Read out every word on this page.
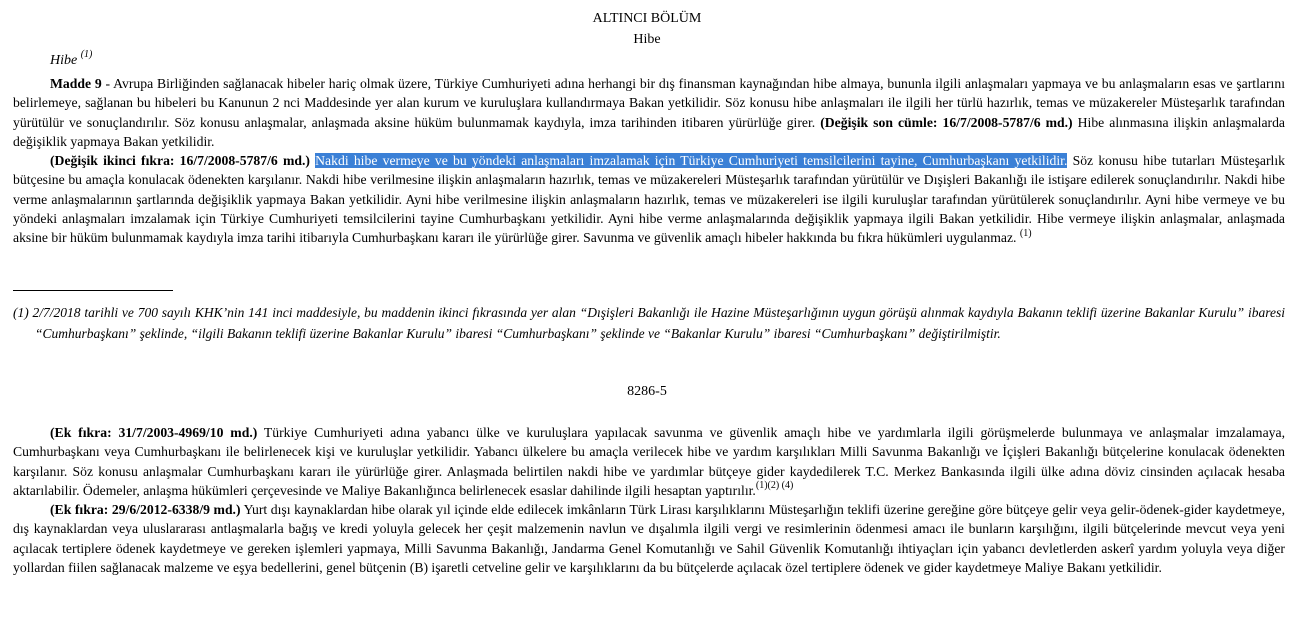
ALTINCI BÖLÜM
Hibe
Hibe $^{(1)}$

Madde 9 - Avrupa Birliğinden sağlanacak hibeler hariç olmak üzere, Türkiye Cumhuriyeti adına herhangi bir dış finansman kaynağından hibe almaya, bununla ilgili anlaşmaları yapmaya ve bu anlaşmaların esas ve şartlarını belirlemeye, sağlanan bu hibeleri bu Kanunun 2 nci Maddesinde yer alan kurum ve kuruluşlara kullandırmaya Bakan yetkilidir. Söz konusu hibe anlaşmaları ile ilgili her türlü hazırlık, temas ve müzakereler Müsteşarlık tarafından yürütülür ve sonuçlandırılır. Söz konusu anlaşmalar, anlaşmada aksine hüküm bulunmamak kaydıyla, imza tarihinden itibaren yürürlüğe girer. (Değişik son cümle: 16/7/2008-5787/6 md.) Hibe alınmasına ilişkin anlaşmalarda değişiklik yapmaya Bakan yetkilidir.

(Değişik ikinci fıkra: 16/7/2008-5787/6 md.) Nakdi hibe vermeye ve bu yöndeki anlaşmaları imzalamak için Türkiye Cumhuriyeti temsilcilerini tayine, Cumhurbaşkanı yetkilidir. Söz konusu hibe tutarları Müsteşarlık bütçesine bu amaçla konulacak ödenekten karşılanır. Nakdi hibe verilmesine ilişkin anlaşmaların hazırlık, temas ve müzakereleri Müsteşarlık tarafından yürütülür ve Dışişleri Bakanlığı ile istişare edilerek sonuçlandırılır. Nakdi hibe verme anlaşmalarının şartlarında değişiklik yapmaya Bakan yetkilidir. Ayni hibe verilmesine ilişkin anlaşmaların hazırlık, temas ve müzakereleri ise ilgili kuruluşlar tarafından yürütülerek sonuçlandırılır. Ayni hibe vermeye ve bu yöndeki anlaşmaları imzalamak için Türkiye Cumhuriyeti temsilcilerini tayine Cumhurbaşkanı yetkilidir. Ayni hibe verme anlaşmalarında değişiklik yapmaya ilgili Bakan yetkilidir. Hibe vermeye ilişkin anlaşmalar, anlaşmada aksine bir hüküm bulunmamak kaydıyla imza tarihi itibarıyla Cumhurbaşkanı kararı ile yürürlüğe girer. Savunma ve güvenlik amaçlı hibeler hakkında bu fıkra hükümleri uygulanmaz. $^{(1)}$

(1) 2/7/2018 tarihli ve 700 sayılı KHK’nin 141 inci maddesiyle, bu maddenin ikinci fıkrasında yer alan “Dışişleri Bakanlığı ile Hazine Müsteşarlığının uygun görüşü alınmak kaydıyla Bakanın teklifi üzerine Bakanlar Kurulu” ibaresi “Cumhurbaşkanı” şeklinde, “ilgili Bakanın teklifi üzerine Bakanlar Kurulu” ibaresi “Cumhurbaşkanı” şeklinde ve “Bakanlar Kurulu” ibaresi “Cumhurbaşkanı” değiştirilmiştir.

8286-5

(Ek fıkra: 31/7/2003-4969/10 md.) Türkiye Cumhuriyeti adına yabancı ülke ve kuruluşlara yapılacak savunma ve güvenlik amaçlı hibe ve yardımlarla ilgili görüşmelerde bulunmaya ve anlaşmalar imzalamaya, Cumhurbaşkanı veya Cumhurbaşkanı ile belirlenecek kişi ve kuruluşlar yetkilidir. Yabancı ülkelere bu amaçla verilecek hibe ve yardım karşılıkları Milli Savunma Bakanlığı ve İçişleri Bakanlığı bütçelerine konulacak ödenekten karşılanır. Söz konusu anlaşmalar Cumhurbaşkanı kararı ile yürürlüğe girer. Anlaşmada belirtilen nakdi hibe ve yardımlar bütçeye gider kaydedilerek T.C. Merkez Bankasında ilgili ülke adına döviz cinsinden açılacak hesaba aktarılabilir. Ödemeler, anlaşma hükümleri çerçevesinde ve Maliye Bakanlığınca belirlenecek esaslar dahilinde ilgili hesaptan yaptırılır.$^{(1)(2) (4)}$

(Ek fıkra: 29/6/2012-6338/9 md.) Yurt dışı kaynaklardan hibe olarak yıl içinde elde edilecek imkânların Türk Lirası karşılıklarını Müsteşarlığın teklifi üzerine gereğine göre bütçeye gelir veya gelir-ödenek-gider kaydetmeye, dış kaynaklardan veya uluslararası antlaşmalarla bağış ve kredi yoluyla gelecek her çeşit malzemenin navlun ve dışalımla ilgili vergi ve resimlerinin ödenmesi amacı ile bunların karşılığını, ilgili bütçelerinde mevcut veya yeni açılacak tertiplere ödenek kaydetmeye ve gereken işlemleri yapmaya, Milli Savunma Bakanlığı, Jandarma Genel Komutanlığı ve Sahil Güvenlik Komutanlığı ihtiyaçları için yabancı devletlerden askerî yardım yoluyla veya diğer yollardan fiilen sağlanacak malzeme ve eşya bedellerini, genel bütçenin (B) işaretli cetveline gelir ve karşılıklarını da bu bütçelerde açılacak özel tertiplere ödenek ve gider kaydetmeye Maliye Bakanı yetkilidir.
